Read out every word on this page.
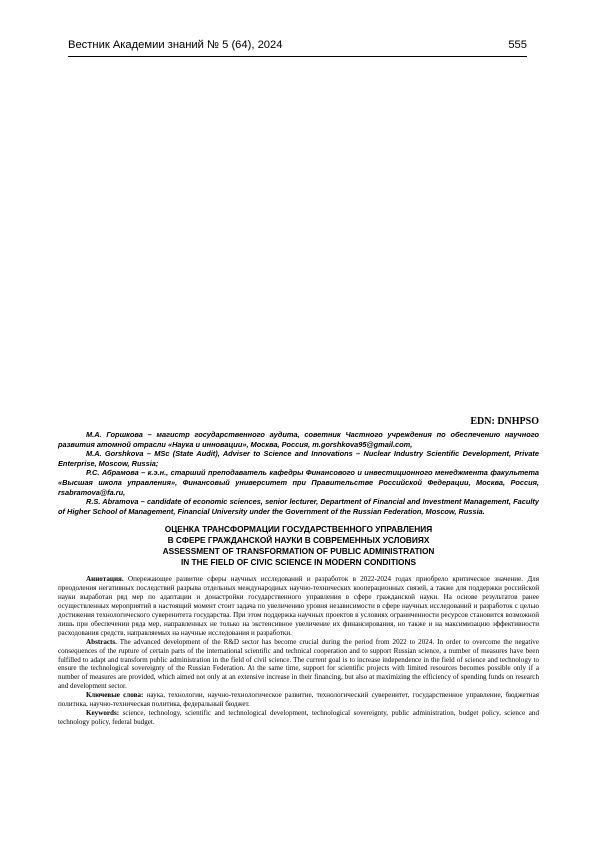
Вестник Академии знаний № 5 (64), 2024	555
EDN: DNHPSO

М.А. Горшкова – магистр государственного аудита, советник Частного учреждения по обеспечению научного развития атомной отрасли «Наука и инновации», Москва, Россия, m.gorshkova95@gmail.com,

M.A. Gorshkova – MSc (State Audit), Adviser to Science and Innovations – Nuclear Industry Scientific Development, Private Enterprise, Moscow, Russia;

Р.С. Абрамова – к.э.н., старший преподаватель кафедры Финансового и инвестиционного менеджмента факультета «Высшая школа управления», Финансовый университет при Правительстве Российской Федерации, Москва, Россия, rsabramova@fa.ru,

R.S. Abramova – candidate of economic sciences, senior lecturer, Department of Financial and Investment Management, Faculty of Higher School of Management, Financial University under the Government of the Russian Federation, Moscow, Russia.

ОЦЕНКА ТРАНСФОРМАЦИИ ГОСУДАРСТВЕННОГО УПРАВЛЕНИЯ
В СФЕРЕ ГРАЖДАНСКОЙ НАУКИ В СОВРЕМЕННЫХ УСЛОВИЯХ
ASSESSMENT OF TRANSFORMATION OF PUBLIC ADMINISTRATION
IN THE FIELD OF CIVIC SCIENCE IN MODERN CONDITIONS

Аннотация. Опережающее развитие сферы научных исследований и разработок в 2022-2024 годах приобрело критическое значение. Для преодоления негативных последствий разрыва отдельных международных научно-технических кооперационных связей, а также для поддержки российской науки выработан ряд мер по адаптации и донастройки государственного управления в сфере гражданской науки. На основе результатов ранее осуществленных мероприятий в настоящий момент стоит задача по увеличению уровня независимости в сфере научных исследований и разработок с целью достижения технологического суверенитета государства. При этом поддержка научных проектов в условиях ограниченности ресурсов становится возможной лишь при обеспечении ряда мер, направленных не только на экстенсивное увеличение их финансирования, но также и на максимизацию эффективности расходования средств, направляемых на научные исследования и разработки.

Abstracts. The advanced development of the R&D sector has become crucial during the period from 2022 to 2024. In order to overcome the negative consequences of the rupture of certain parts of the international scientific and technical cooperation and to support Russian science, a number of measures have been fulfilled to adapt and transform public administration in the field of civil science. The current goal is to increase independence in the field of science and technology to ensure the technological sovereignty of the Russian Federation. At the same time, support for scientific projects with limited resources becomes possible only if a number of measures are provided, which aimed not only at an extensive increase in their financing, but also at maximizing the efficiency of spending funds on research and development sector.

Ключевые слова: наука, технологии, научно-технологическое развитие, технологический суверенитет, государственное управление, бюджетная политика, научно-техническая политика, федеральный бюджет.

Keywords: science, technology, scientific and technological development, technological sovereignty, public administration, budget policy, science and technology policy, federal budget.
